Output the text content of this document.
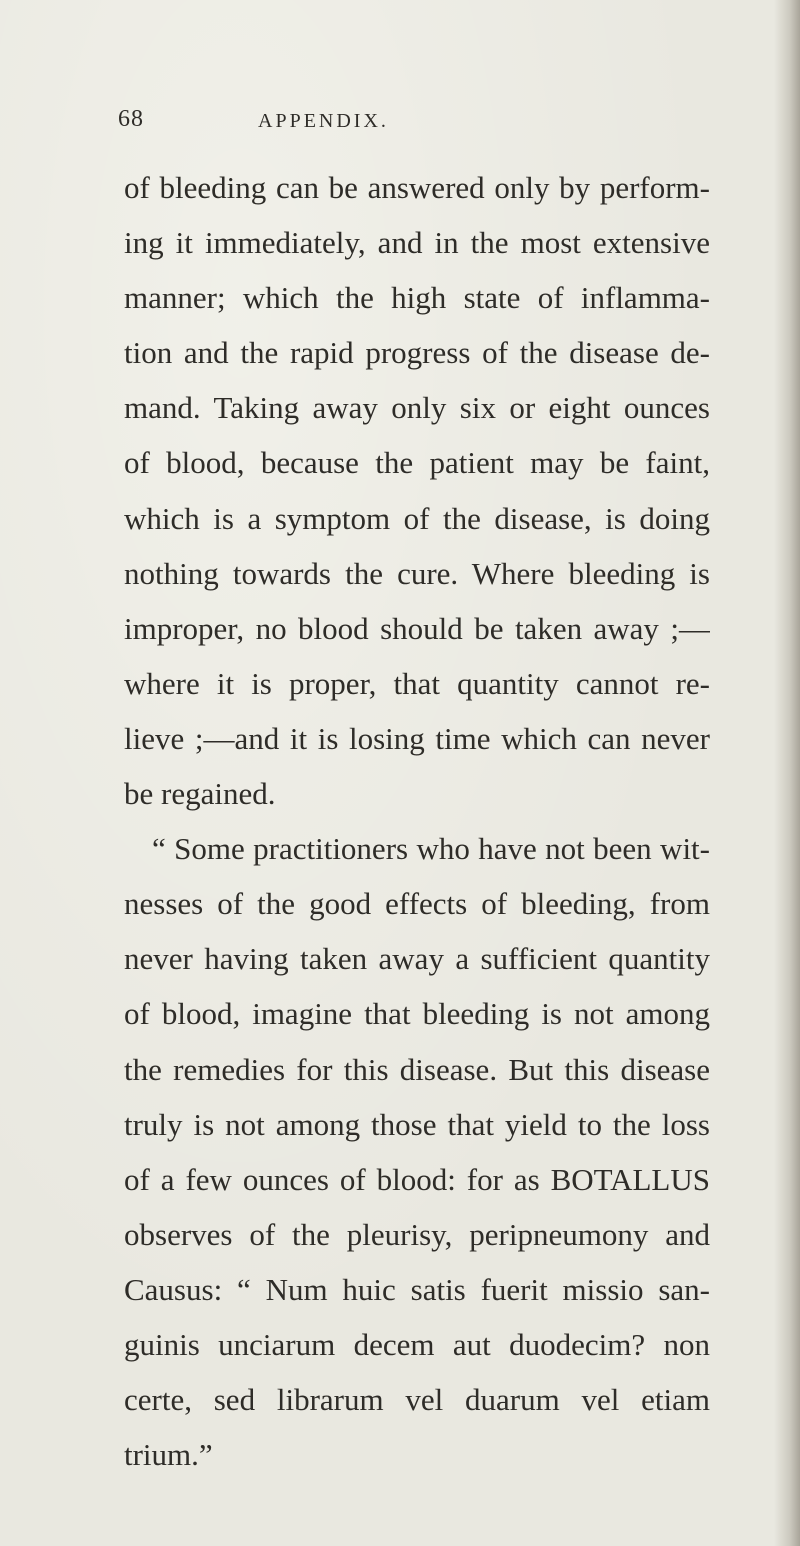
68	APPENDIX.
of bleeding can be answered only by perform-
ing it immediately, and in the most extensive
manner; which the high state of inflamma-
tion and the rapid progress of the disease de-
mand. Taking away only six or eight ounces
of blood, because the patient may be faint,
which is a symptom of the disease, is doing
nothing towards the cure. Where bleeding is
improper, no blood should be taken away ;—
where it is proper, that quantity cannot re-
lieve ;—and it is losing time which can never
be regained.
“ Some practitioners who have not been wit-
nesses of the good effects of bleeding, from
never having taken away a sufficient quantity
of blood, imagine that bleeding is not among
the remedies for this disease. But this disease
truly is not among those that yield to the loss
of a few ounces of blood: for as BOTALLUS
observes of the pleurisy, peripneumony and
Causus: “ Num huic satis fuerit missio san-
guinis unciarum decem aut duodecim? non
certe, sed librarum vel duarum vel etiam
trium.”
